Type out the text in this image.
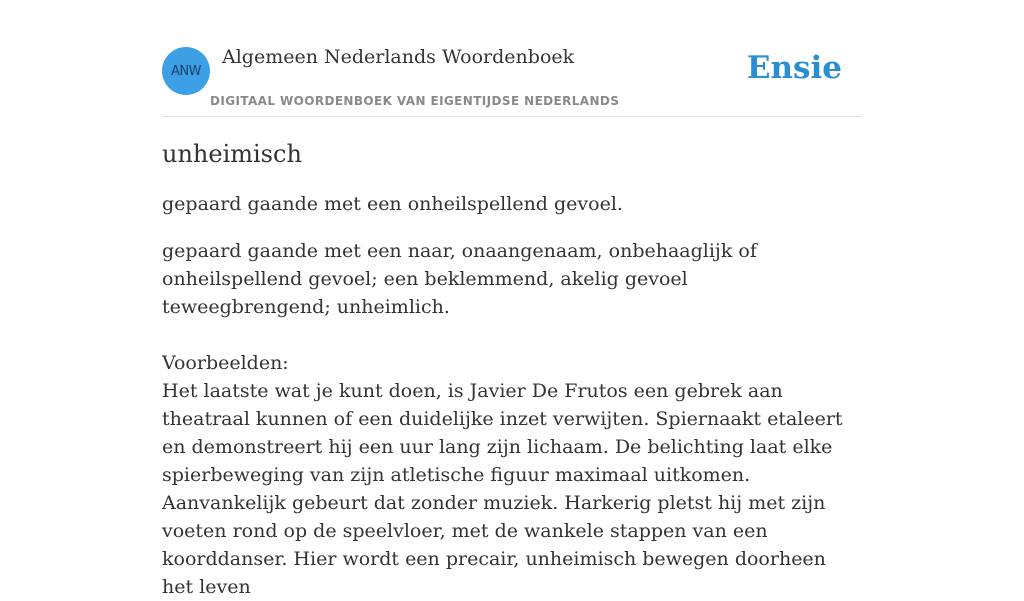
ANW
Algemeen Nederlands Woordenboek
DIGITAAL WOORDENBOEK VAN EIGENTIJDSE NEDERLANDS
Ensie
unheimisch

gepaard gaande met een onheilspellend gevoel.

gepaard gaande met een naar, onaangenaam, onbehaaglijk of onheilspellend gevoel; een beklemmend, akelig gevoel teweegbrengend; unheimlich.

Voorbeelden:

Het laatste wat je kunt doen, is Javier De Frutos een gebrek aan theatraal kunnen of een duidelijke inzet verwijten. Spiernaakt etaleert en demonstreert hij een uur lang zijn lichaam. De belichting laat elke spierbeweging van zijn atletische figuur maximaal uitkomen. Aanvankelijk gebeurt dat zonder muziek. Harkerig pletst hij met zijn voeten rond op de speelvloer, met de wankele stappen van een koorddanser. Hier wordt een precair, unheimisch bewegen doorheen het leven
